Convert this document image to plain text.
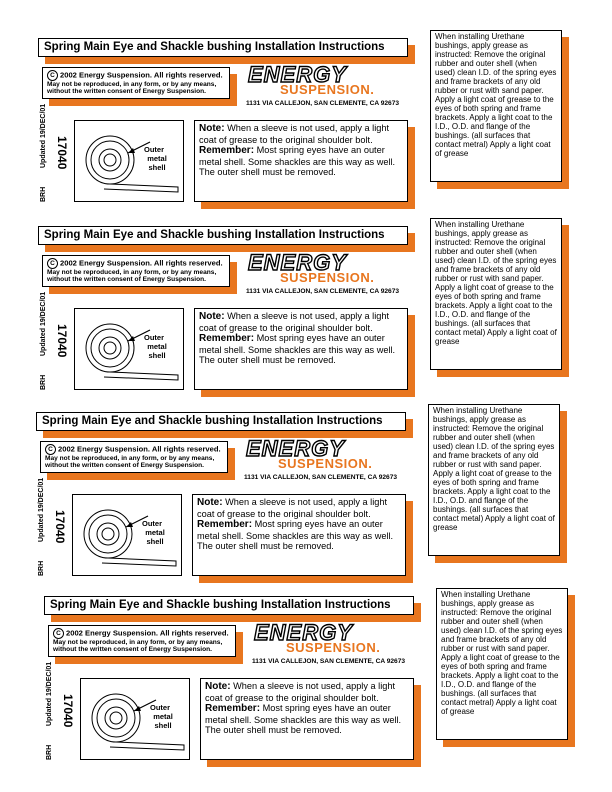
Spring Main Eye and Shackle bushing Installation Instructions
C 2002 Energy Suspension. All rights reserved.
May not be reproduced, in any form, or by any means,
without the written consent of Energy Suspension.
ENERGY
SUSPENSION.
1131 VIA CALLEJON, SAN CLEMENTE, CA 92673
Updated 19/DEC/01 17040
BRH
Outer
metal
shell
Note: When a sleeve is not used, apply a light coat of grease to the original shoulder bolt.
Remember: Most spring eyes have an outer metal shell. Some shackles are this way as well. The outer shell must be removed.
When installing Urethane bushings, apply grease as instructed: Remove the original rubber and outer shell (when used) clean I.D. of the spring eyes and frame brackets of any old rubber or rust with sand paper. Apply a light coat of grease to the eyes of both spring and frame brackets. Apply a light coat to the I.D., O.D. and flange of the bushings. (all surfaces that contact metral) Apply a light coat of grease
Spring Main Eye and Shackle bushing Installation Instructions
C 2002 Energy Suspension. All rights reserved.
May not be reproduced, in any form, or by any means,
without the written consent of Energy Suspension.
ENERGY
SUSPENSION.
1131 VIA CALLEJON, SAN CLEMENTE, CA 92673
Updated 19/DEC/01 17040
BRH
Outer
metal
shell
Note: When a sleeve is not used, apply a light coat of grease to the original shoulder bolt.
Remember: Most spring eyes have an outer metal shell. Some shackles are this way as well. The outer shell must be removed.
When installing Urethane bushings, apply grease as instructed: Remove the original rubber and outer shell (when used) clean I.D. of the spring eyes and frame brackets of any old rubber or rust with sand paper. Apply a light coat of grease to the eyes of both spring and frame brackets. Apply a light coat to the I.D., O.D. and flange of the bushings. (all surfaces that contact metal) Apply a light coat of grease
Spring Main Eye and Shackle bushing Installation Instructions
C 2002 Energy Suspension. All rights reserved.
May not be reproduced, in any form, or by any means,
without the written consent of Energy Suspension.
ENERGY
SUSPENSION.
1131 VIA CALLEJON, SAN CLEMENTE, CA 92673
Updated 19/DEC/01 17040
BRH
Outer
metal
shell
Note: When a sleeve is not used, apply a light coat of grease to the original shoulder bolt.
Remember: Most spring eyes have an outer metal shell. Some shackles are this way as well. The outer shell must be removed.
When installing Urethane bushings, apply grease as instructed: Remove the original rubber and outer shell (when used) clean I.D. of the spring eyes and frame brackets of any old rubber or rust with sand paper. Apply a light coat of grease to the eyes of both spring and frame brackets. Apply a light coat to the I.D., O.D. and flange of the bushings. (all surfaces that contact metal) Apply a light coat of grease
Spring Main Eye and Shackle bushing Installation Instructions
C 2002 Energy Suspension. All rights reserved.
May not be reproduced, in any form, or by any means,
without the written consent of Energy Suspension.
ENERGY
SUSPENSION.
1131 VIA CALLEJON, SAN CLEMENTE, CA 92673
Updated 19/DEC/01 17040
BRH
Outer
metal
shell
Note: When a sleeve is not used, apply a light coat of grease to the original shoulder bolt.
Remember: Most spring eyes have an outer metal shell. Some shackles are this way as well. The outer shell must be removed.
When installing Urethane bushings, apply grease as instructed: Remove the original rubber and outer shell (when used) clean I.D. of the spring eyes and frame brackets of any old rubber or rust with sand paper. Apply a light coat of grease to the eyes of both spring and frame brackets. Apply a light coat to the I.D., O.D. and flange of the bushings. (all surfaces that contact metral) Apply a light coat of grease
